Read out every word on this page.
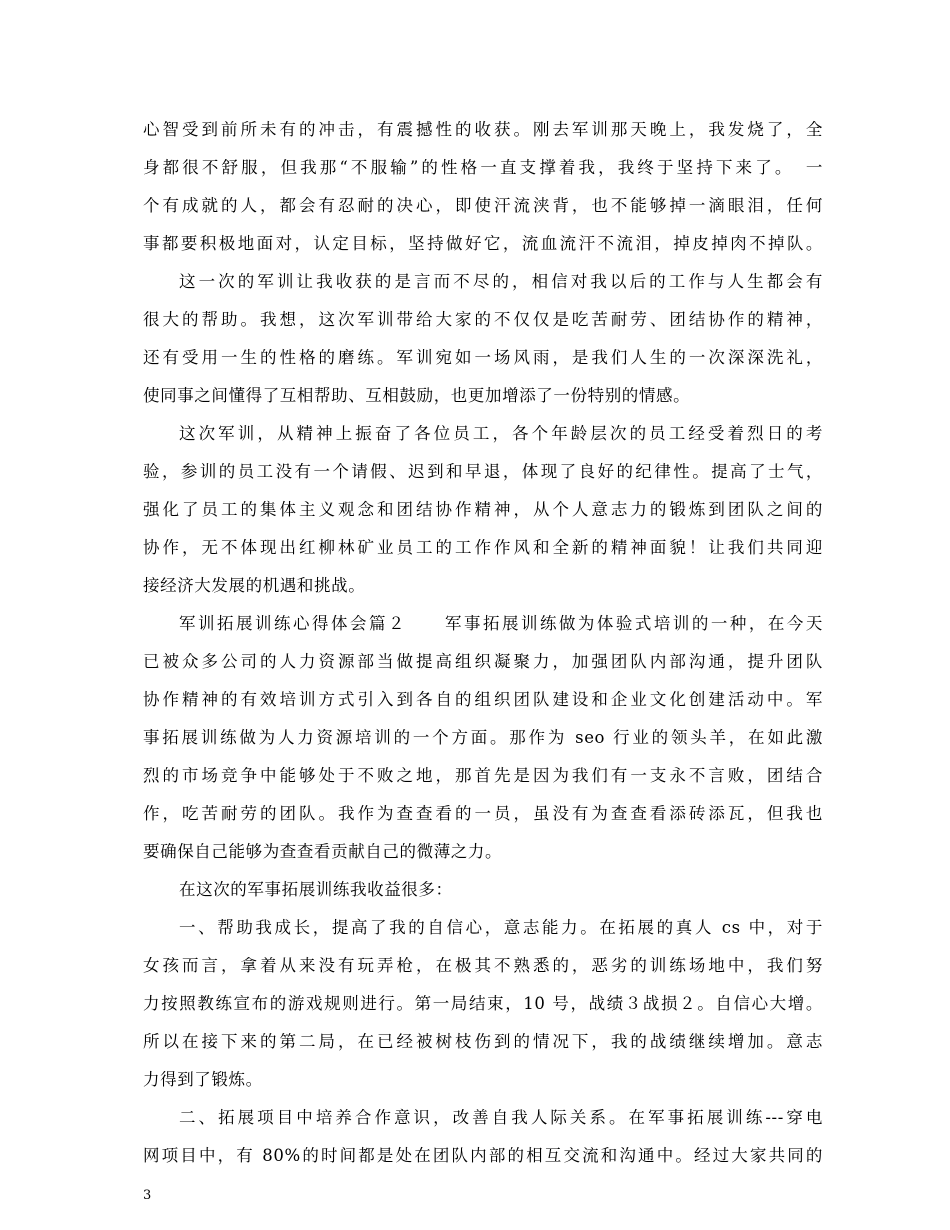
心智受到前所未有的冲击，有震撼性的收获。刚去军训那天晚上，我发烧了，全
身都很不舒服，但我那“不服输”的性格一直支撑着我，我终于坚持下来了。　一
个有成就的人，都会有忍耐的决心，即使汗流浃背，也不能够掉一滴眼泪，任何
事都要积极地面对，认定目标，坚持做好它，流血流汗不流泪，掉皮掉肉不掉队。
这一次的军训让我收获的是言而不尽的，相信对我以后的工作与人生都会有
很大的帮助。我想，这次军训带给大家的不仅仅是吃苦耐劳、团结协作的精神，
还有受用一生的性格的磨练。军训宛如一场风雨，是我们人生的一次深深洗礼，
使同事之间懂得了互相帮助、互相鼓励，也更加增添了一份特别的情感。
这次军训，从精神上振奋了各位员工，各个年龄层次的员工经受着烈日的考
验，参训的员工没有一个请假、迟到和早退，体现了良好的纪律性。提高了士气，
强化了员工的集体主义观念和团结协作精神，从个人意志力的锻炼到团队之间的
协作，无不体现出红柳林矿业员工的工作作风和全新的精神面貌！让我们共同迎
接经济大发展的机遇和挑战。
军训拓展训练心得体会篇２　　军事拓展训练做为体验式培训的一种，在今天
已被众多公司的人力资源部当做提高组织凝聚力，加强团队内部沟通，提升团队
协作精神的有效培训方式引入到各自的组织团队建设和企业文化创建活动中。军
事拓展训练做为人力资源培训的一个方面。那作为 seo 行业的领头羊，在如此激
烈的市场竞争中能够处于不败之地，那首先是因为我们有一支永不言败，团结合
作，吃苦耐劳的团队。我作为查查看的一员，虽没有为查查看添砖添瓦，但我也
要确保自己能够为查查看贡献自己的微薄之力。
在这次的军事拓展训练我收益很多：
一、帮助我成长，提高了我的自信心，意志能力。在拓展的真人 cs 中，对于
女孩而言，拿着从来没有玩弄枪，在极其不熟悉的，恶劣的训练场地中，我们努
力按照教练宣布的游戏规则进行。第一局结束，10 号，战绩３战损２。自信心大增。
所以在接下来的第二局，在已经被树枝伤到的情况下，我的战绩继续增加。意志
力得到了锻炼。
二、拓展项目中培养合作意识，改善自我人际关系。在军事拓展训练---穿电
网项目中，有 80%的时间都是处在团队内部的相互交流和沟通中。经过大家共同的
3
